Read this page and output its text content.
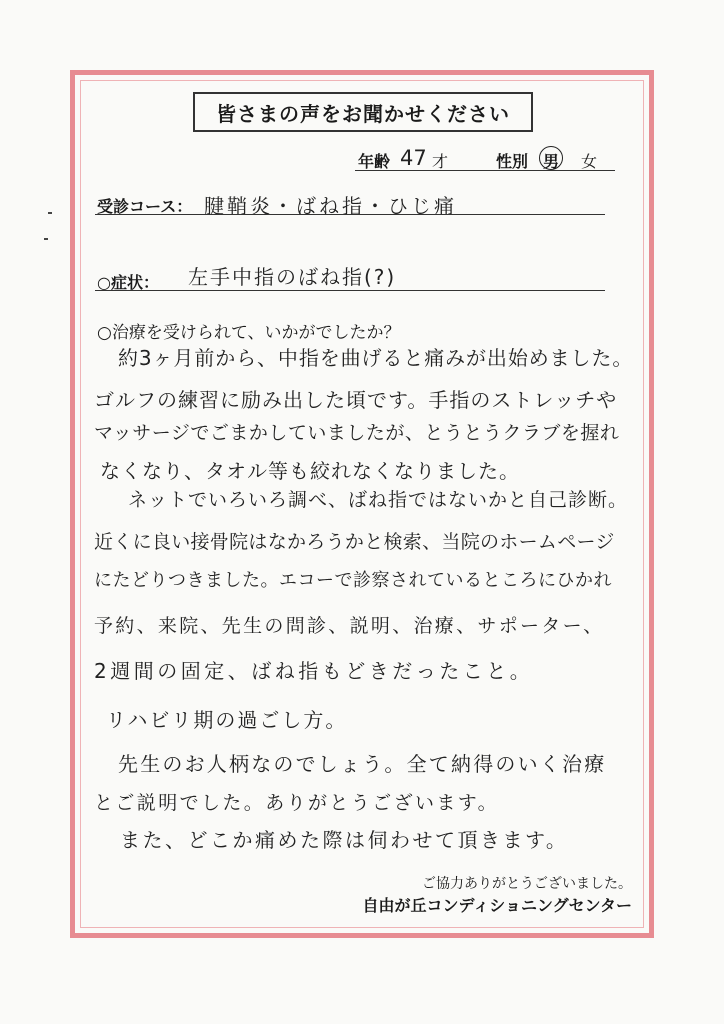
皆さまの声をお聞かせください
年齢 47 才	性別 男 女
受診コース： 腱鞘炎・ばね指・ひじ痛
○症状： 左手中指のばね指(?)
○治療を受けられて、いかがでしたか？
約3ヶ月前から、中指を曲げると痛みが出始めました。
ゴルフの練習に励み出した頃です。手指のストレッチや
マッサージでごまかしていましたが、とうとうクラブを握れ
なくなり、タオル等も絞れなくなりました。
ネットでいろいろ調べ、ばね指ではないかと自己診断。
近くに良い接骨院はなかろうかと検索、当院のホームページ
にたどりつきました。エコーで診察されているところにひかれ
予約、来院、先生の問診、説明、治療、サポーター、
2週間の固定、ばね指もどきだったこと。
リハビリ期の過ごし方。
先生のお人柄なのでしょう。全て納得のいく治療
とご説明でした。ありがとうございます。
また、どこか痛めた際は伺わせて頂きます。
ご協力ありがとうございました。
自由が丘コンディショニングセンター
